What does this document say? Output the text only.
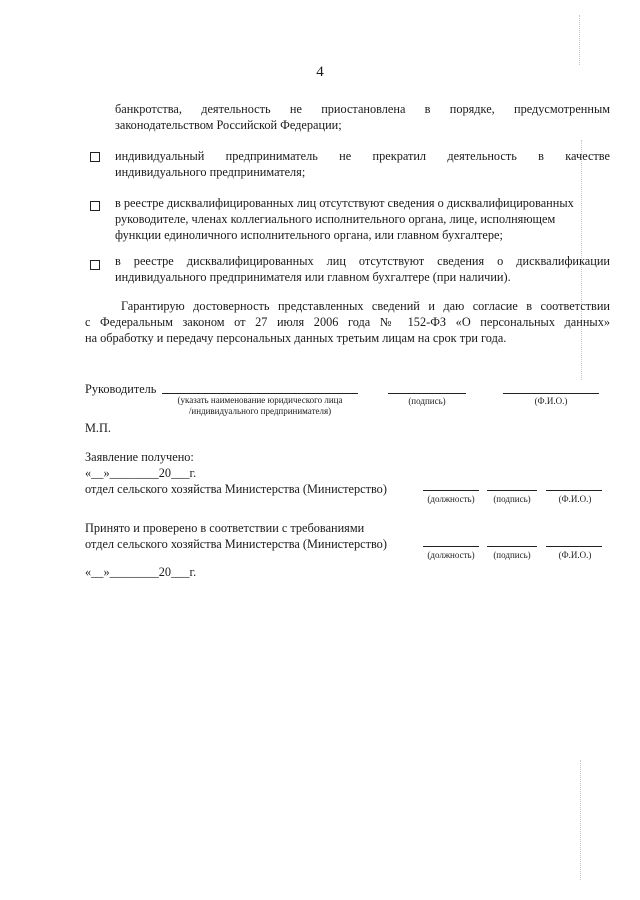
4

банкротства, деятельность не приостановлена в порядке, предусмотренным

законодательством Российской Федерации;

индивидуальный предприниматель не прекратил деятельность в качестве

индивидуального предпринимателя;

в реестре дисквалифицированных лиц отсутствуют сведения о дисквалифицированных

руководителе, членах коллегиального исполнительного органа, лице, исполняющем

функции единоличного исполнительного органа, или главном бухгалтере;

в реестре дисквалифицированных лиц отсутствуют сведения о дисквалификации

индивидуального предпринимателя или главном бухгалтере (при наличии).

Гарантирую достоверность представленных сведений и даю согласие в соответствии

с Федеральным законом от 27 июля 2006 года № 152-ФЗ «О персональных данных»

на обработку и передачу персональных данных третьим лицам на срок три года.

Руководитель
(указать наименование юридического лица
/индивидуального предпринимателя)
(подпись)	(Ф.И.О.)
М.П.
Заявление получено:
«__»________20___г.
отдел сельского хозяйства Министерства (Министерство)
(должность)	(подпись)	(Ф.И.О.)
Принято и проверено в соответствии с требованиями
отдел сельского хозяйства Министерства (Министерство)
(должность)	(подпись)	(Ф.И.О.)
«__»________20___г.
